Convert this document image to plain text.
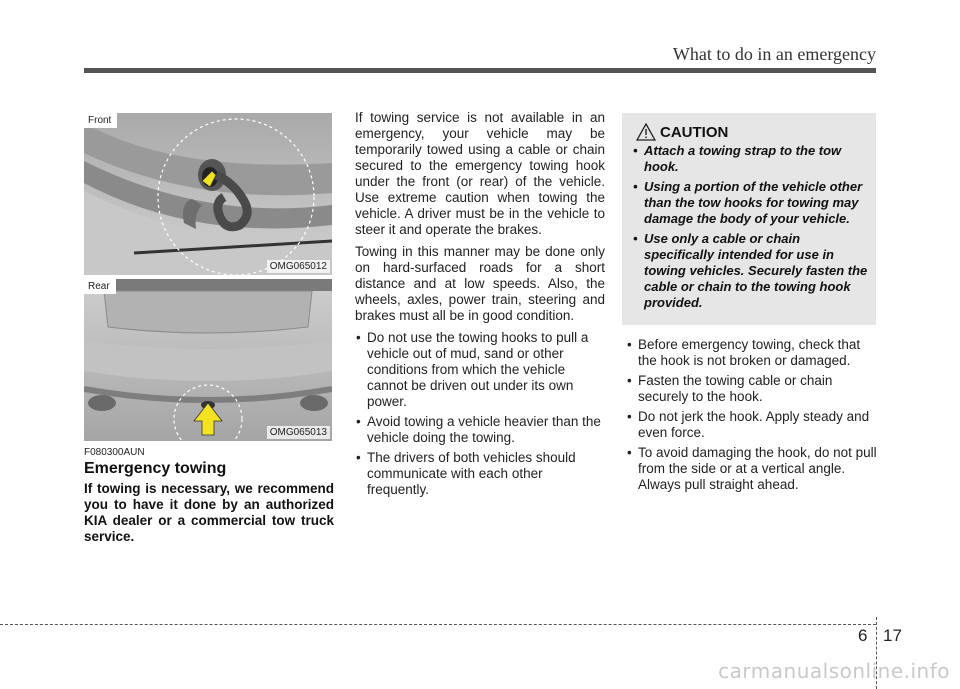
What to do in an emergency
Front
OMG065012
Rear
OMG065013
F080300AUN
Emergency towing
If towing is necessary, we recommend you to have it done by an authorized KIA dealer or a commercial tow truck service.

If towing service is not available in an emergency, your vehicle may be temporarily towed using a cable or chain secured to the emergency towing hook under the front (or rear) of the vehicle. Use extreme caution when towing the vehicle. A driver must be in the vehicle to steer it and operate the brakes.

Towing in this manner may be done only on hard-surfaced roads for a short distance and at low speeds. Also, the wheels, axles, power train, steering and brakes must all be in good condition.

• Do not use the towing hooks to pull a vehicle out of mud, sand or other conditions from which the vehicle cannot be driven out under its own power.
• Avoid towing a vehicle heavier than the vehicle doing the towing.
• The drivers of both vehicles should communicate with each other frequently.
CAUTION
• Attach a towing strap to the tow hook.
• Using a portion of the vehicle other than the tow hooks for towing may damage the body of your vehicle.
• Use only a cable or chain specifically intended for use in towing vehicles. Securely fasten the cable or chain to the towing hook provided.
• Before emergency towing, check that the hook is not broken or damaged.
• Fasten the towing cable or chain securely to the hook.
• Do not jerk the hook. Apply steady and even force.
• To avoid damaging the hook, do not pull from the side or at a vertical angle. Always pull straight ahead.
6 17
carmanualsonline.info
